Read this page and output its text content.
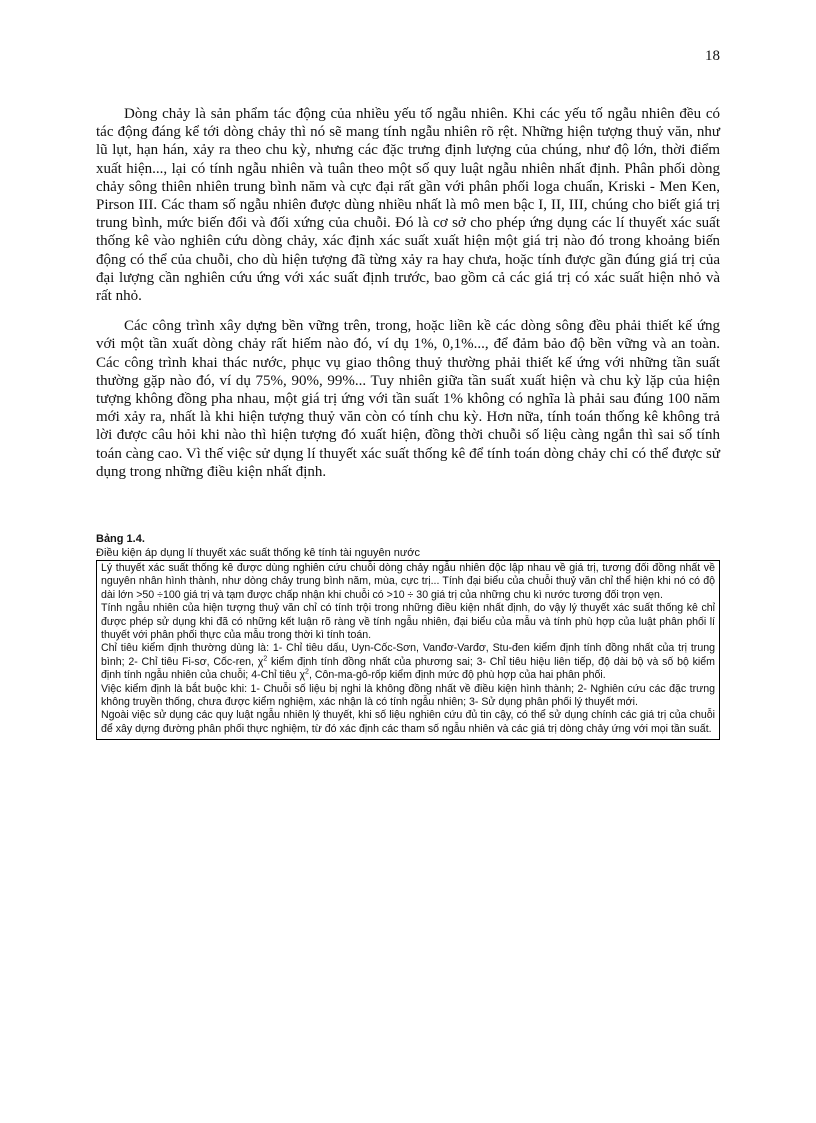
18

Dòng chảy là sản phẩm tác động của nhiều yếu tố ngẫu nhiên. Khi các yếu tố ngẫu nhiên đều có tác động đáng kể tới dòng chảy thì nó sẽ mang tính ngẫu nhiên rõ rệt. Những hiện tượng thuỷ văn, như lũ lụt, hạn hán, xảy ra theo chu kỳ, nhưng các đặc trưng định lượng của chúng, như độ lớn, thời điểm xuất hiện..., lại có tính ngẫu nhiên và tuân theo một số quy luật ngẫu nhiên nhất định. Phân phối dòng chảy sông thiên nhiên trung bình năm và cực đại rất gần với phân phối loga chuẩn, Kriski - Men Ken, Pirson III. Các tham số ngẫu nhiên được dùng nhiều nhất là mô men bậc I, II, III, chúng cho biết giá trị trung bình, mức biến đổi và đối xứng của chuỗi. Đó là cơ sở cho phép ứng dụng các lí thuyết xác suất thống kê vào nghiên cứu dòng chảy, xác định xác suất xuất hiện một giá trị nào đó trong khoảng biến động có thể của chuỗi, cho dù hiện tượng đã từng xảy ra hay chưa, hoặc tính được gần đúng giá trị của đại lượng cần nghiên cứu ứng với xác suất định trước, bao gồm cả các giá trị có xác suất hiện nhỏ và rất nhỏ.

Các công trình xây dựng bền vững trên, trong, hoặc liền kề các dòng sông đều phải thiết kế ứng với một tần xuất dòng chảy rất hiếm nào đó, ví dụ 1%, 0,1%..., để đảm bảo độ bền vững và an toàn. Các công trình khai thác nước, phục vụ giao thông thuỷ thường phải thiết kế ứng với những tần suất thường gặp nào đó, ví dụ 75%, 90%, 99%... Tuy nhiên giữa tần suất xuất hiện và chu kỳ lặp của hiện tượng không đồng pha nhau, một giá trị ứng với tần suất 1% không có nghĩa là phải sau đúng 100 năm mới xảy ra, nhất là khi hiện tượng thuỷ văn còn có tính chu kỳ. Hơn nữa, tính toán thống kê không trả lời được câu hỏi khi nào thì hiện tượng đó xuất hiện, đồng thời chuỗi số liệu càng ngắn thì sai số tính toán càng cao. Vì thế việc sử dụng lí thuyết xác suất thống kê để tính toán dòng chảy chỉ có thể được sử dụng trong những điều kiện nhất định.

Bảng 1.4.
Điều kiện áp dụng lí thuyết xác suất thống kê tính tài nguyên nước

Lý thuyết xác suất thống kê được dùng nghiên cứu chuỗi dòng chảy ngẫu nhiên độc lập nhau về giá trị, tương đối đồng nhất về nguyên nhân hình thành, như dòng chảy trung bình năm, mùa, cực trị... Tính đại biểu của chuỗi thuỷ văn chỉ thể hiện khi nó có độ dài lớn >50 ÷100 giá trị và tạm được chấp nhận khi chuỗi có >10 ÷ 30 giá trị của những chu kì nước tương đối trọn vẹn.

Tính ngẫu nhiên của hiện tượng thuỷ văn chỉ có tính trội trong những điều kiện nhất định, do vậy lý thuyết xác suất thống kê chỉ được phép sử dụng khi đã có những kết luận rõ ràng về tính ngẫu nhiên, đại biểu của mẫu và tính phù hợp của luật phân phối lí thuyết với phân phối thực của mẫu trong thời kì tính toán.

Chỉ tiêu kiểm định thường dùng là: 1- Chỉ tiêu dấu, Uyn-Cốc-Sơn, Vanđơ-Varđơ, Stu-đen kiểm định tính đồng nhất của trị trung bình; 2- Chỉ tiêu Fi-sơ, Cốc-ren, $\chi^2$ kiểm định tính đồng nhất của phương sai; 3- Chỉ tiêu hiệu liên tiếp, độ dài bộ và số bộ kiểm định tính ngẫu nhiên của chuỗi; 4-Chỉ tiêu $\chi^2$, Côn-ma-gô-rốp kiểm định mức độ phù hợp của hai phân phối.

Việc kiểm định là bắt buộc khi: 1- Chuỗi số liệu bị nghi là không đồng nhất về điều kiện hình thành; 2- Nghiên cứu các đặc trưng không truyền thống, chưa được kiểm nghiệm, xác nhận là có tính ngẫu nhiên; 3- Sử dụng phân phối lý thuyết mới.

Ngoài việc sử dụng các quy luật ngẫu nhiên lý thuyết, khi số liệu nghiên cứu đủ tin cậy, có thể sử dụng chính các giá trị của chuỗi để xây dựng đường phân phối thực nghiệm, từ đó xác định các tham số ngẫu nhiên và các giá trị dòng chảy ứng với mọi tần suất.
